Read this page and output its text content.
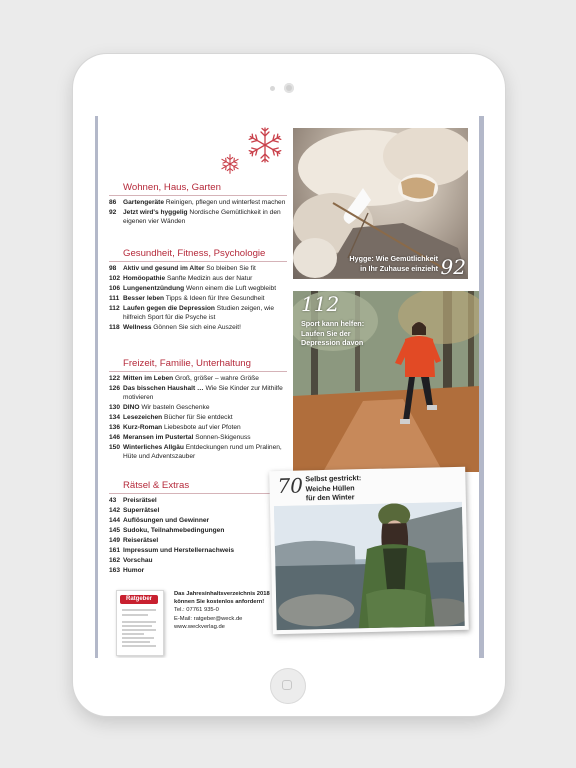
Wohnen, Haus, Garten
86	Gartengeräte Reinigen, pflegen und winterfest machen
92	Jetzt wird's hyggelig Nordische Gemütlichkeit in den eigenen vier Wänden
Gesundheit, Fitness, Psychologie
98	Aktiv und gesund im Alter So bleiben Sie fit
102 Homöopathie Sanfte Medizin aus der Natur
106 Lungenentzündung Wenn einem die Luft wegbleibt
111 Besser leben Tipps & Ideen für Ihre Gesundheit
112 Laufen gegen die Depression Studien zeigen, wie hilfreich Sport für die Psyche ist
118 Wellness Gönnen Sie sich eine Auszeit!
Freizeit, Familie, Unterhaltung
122 Mitten im Leben Groß, größer – wahre Größe
126 Das bisschen Haushalt … Wie Sie Kinder zur Mithilfe motivieren
130 DINO Wir basteln Geschenke
134 Lesezeichen Bücher für Sie entdeckt
136 Kurz-Roman Liebesbote auf vier Pfoten
146 Meransen im Pustertal Sonnen-Skigenuss
150 Winterliches Allgäu Entdeckungen rund um Pralinen, Hüte und Adventszauber
Rätsel & Extras
43	Preisrätsel
142 Superrätsel
144 Auflösungen und Gewinner
145 Sudoku, Teilnahmebedingungen
149 Reiserätsel
161 Impressum und Herstellernachweis
162 Vorschau
163 Humor
Ratgeber
Das Jahresinhaltsverzeichnis 2018 können Sie kostenlos anfordern!
Tel.: 07761 935-0
E-Mail: ratgeber@weck.de
www.weckverlag.de
Hygge: Wie Gemütlichkeit
in Ihr Zuhause einzieht 92
112
Sport kann helfen:
Laufen Sie der
Depression davon
70 Selbst gestrickt:
Weiche Hüllen
für den Winter
